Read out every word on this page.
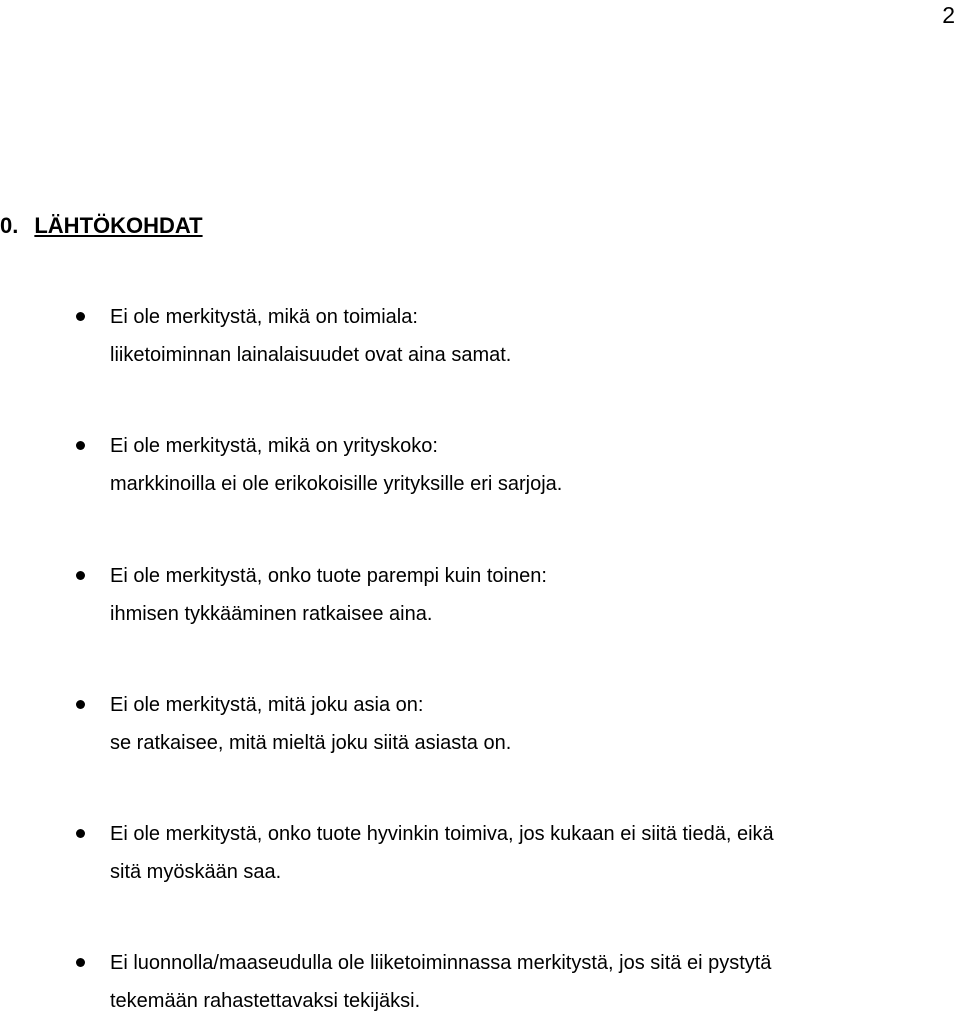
2
0. LÄHTÖKOHDAT
Ei ole merkitystä, mikä on toimiala:
liiketoiminnan lainalaisuudet ovat aina samat.
Ei ole merkitystä, mikä on yrityskoko:
markkinoilla ei ole erikokoisille yrityksille eri sarjoja.
Ei ole merkitystä, onko tuote parempi kuin toinen:
ihmisen tykkääminen ratkaisee aina.
Ei ole merkitystä, mitä joku asia on:
se ratkaisee, mitä mieltä joku siitä asiasta on.
Ei ole merkitystä, onko tuote hyvinkin toimiva, jos kukaan ei siitä tiedä, eikä
sitä myöskään saa.
Ei luonnolla/maaseudulla ole liiketoiminnassa merkitystä, jos sitä ei pystytä
tekemään rahastettavaksi tekijäksi.
